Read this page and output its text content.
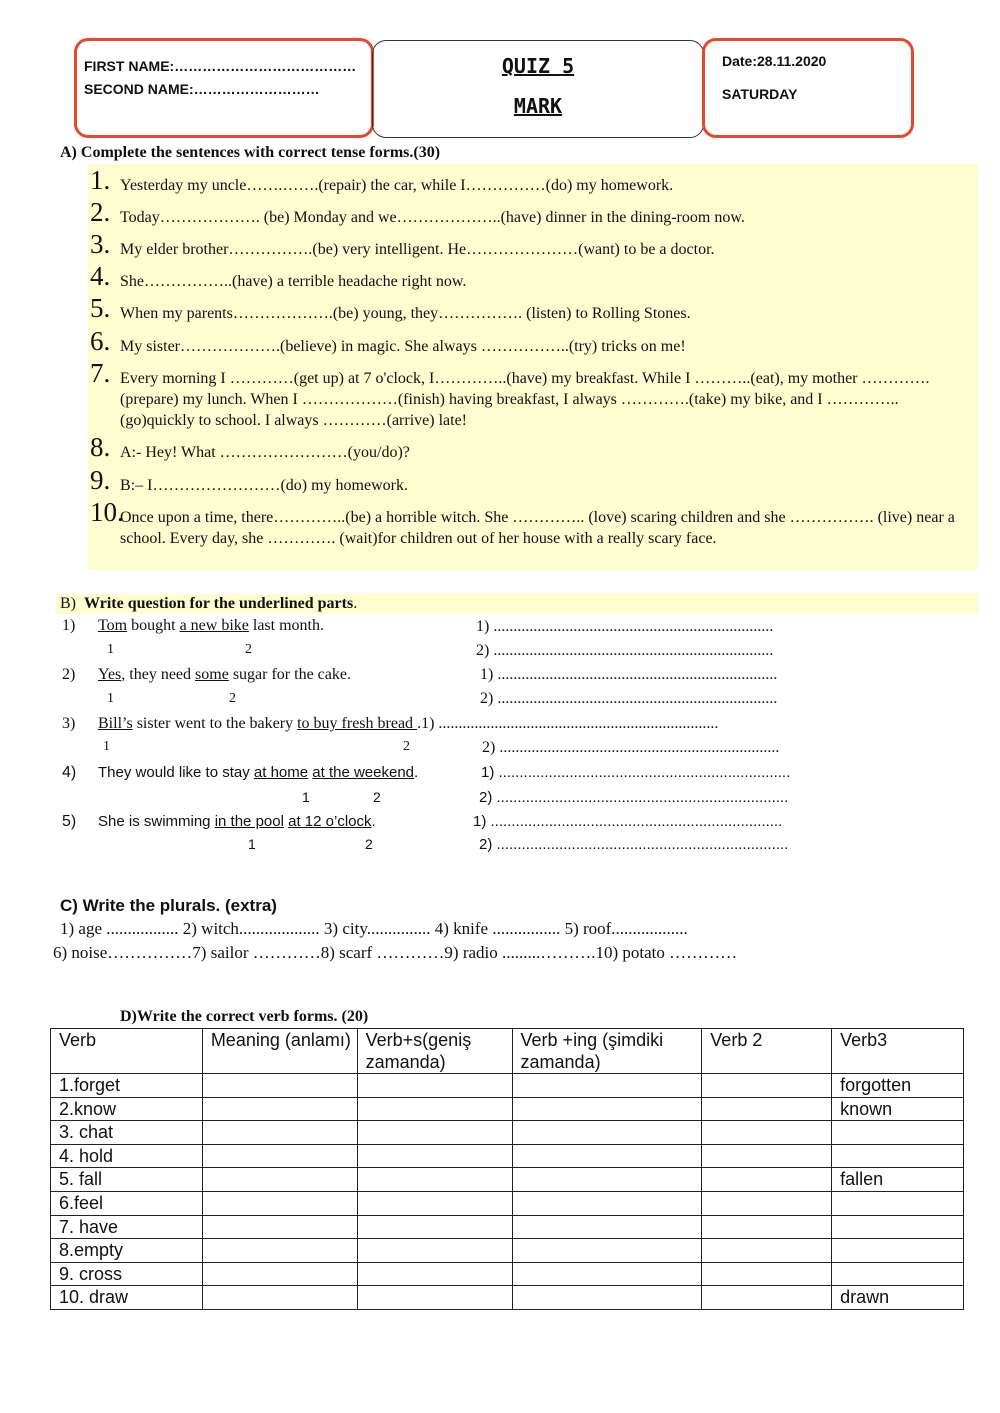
FIRST NAME:…………………………………
SECOND NAME:………………………
QUIZ 5
MARK
Date:28.11.2020
SATURDAY
A) Complete the sentences with correct tense forms.(30)
1. Yesterday my uncle…….…….(repair) the car, while I……………(do) my homework.
2. Today………………. (be) Monday and we………………..(have) dinner in the dining-room now.
3. My elder brother…………….(be) very intelligent. He…………………(want) to be a doctor.
4. She……………..(have) a terrible headache right now.
5. When my parents……………….(be) young, they……………. (listen) to Rolling Stones.
6. My sister……………….(believe) in magic. She always ……………..(try) tricks on me!
7. Every morning I …………(get up) at 7 o'clock, I…………..(have) my breakfast. While I ………..(eat), my mother ………….(prepare) my lunch. When I ………………(finish) having breakfast, I always ………….(take) my bike, and I …………..(go)quickly to school. I always …………(arrive) late!
8. A:- Hey! What ……………………(you/do)?
9. B:– I……………………(do) my homework.
10.
Once upon a time, there…………..(be) a horrible witch. She ………….. (love) scaring children and she ……………. (live) near a school. Every day, she …………. (wait)for children out of her house with a really scary face.
B) Write question for the underlined parts.
1) Tom bought a new bike last month.
1	2
1) ......................................................................
2) ......................................................................
2) Yes, they need some sugar for the cake.
1	2
1) ......................................................................
2) ......................................................................
3) Bill’s sister went to the bakery to buy fresh bread .1) ......................................................................
1	2	2) ......................................................................
4) They would like to stay at home at the weekend.
1	2
1) ......................................................................
2) ......................................................................
5) She is swimming in the pool at 12 o’clock.
1	2
1) ......................................................................
2) ......................................................................
C) Write the plurals. (extra)
1) age ................. 2) witch................... 3) city............... 4) knife ................ 5) roof..................
6) noise……………7) sailor …………8) scarf …………9) radio .........……….10) potato …………
D)Write the correct verb forms. (20)
Verb	Meaning (anlamı)	Verb+s(geniş zamanda)	Verb +ing (şimdiki zamanda)	Verb 2	Verb3
1.forget					forgotten
2.know					known
3. chat					
4. hold					
5. fall					fallen
6.feel					
7. have					
8.empty					
9. cross					
10. draw					drawn
